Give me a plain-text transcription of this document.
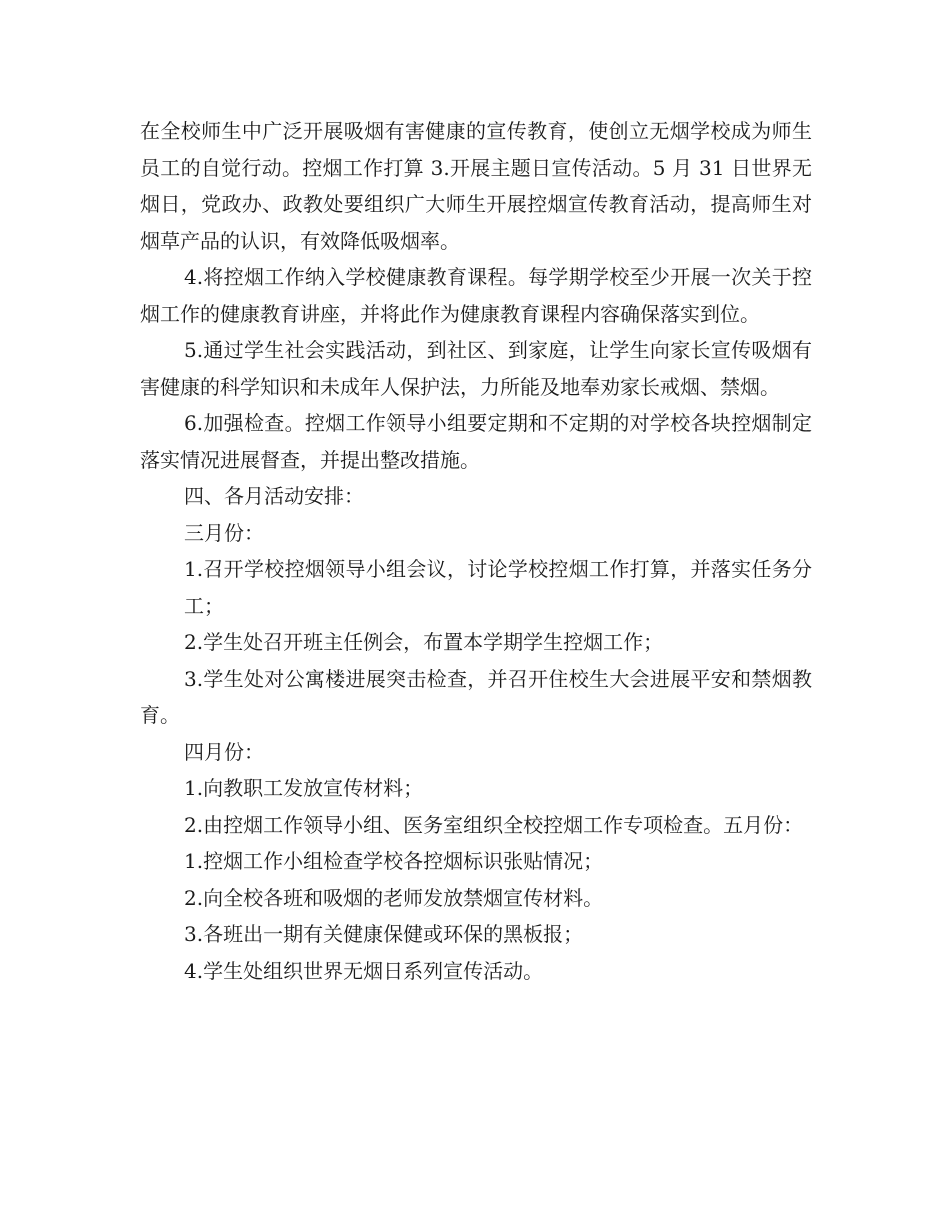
在全校师生中广泛开展吸烟有害健康的宣传教育，使创立无烟学校成为师生员工的自觉行动。控烟工作打算 3.开展主题日宣传活动。5 月 31 日世界无烟日，党政办、政教处要组织广大师生开展控烟宣传教育活动，提高师生对烟草产品的认识，有效降低吸烟率。

4.将控烟工作纳入学校健康教育课程。每学期学校至少开展一次关于控烟工作的健康教育讲座，并将此作为健康教育课程内容确保落实到位。

5.通过学生社会实践活动，到社区、到家庭，让学生向家长宣传吸烟有害健康的科学知识和未成年人保护法，力所能及地奉劝家长戒烟、禁烟。

6.加强检查。控烟工作领导小组要定期和不定期的对学校各块控烟制定落实情况进展督查，并提出整改措施。

四、各月活动安排：

三月份：

1.召开学校控烟领导小组会议，讨论学校控烟工作打算，并落实任务分工；

2.学生处召开班主任例会，布置本学期学生控烟工作；

3.学生处对公寓楼进展突击检查，并召开住校生大会进展平安和禁烟教育。

四月份：

1.向教职工发放宣传材料；

2.由控烟工作领导小组、医务室组织全校控烟工作专项检查。五月份：

1.控烟工作小组检查学校各控烟标识张贴情况；

2.向全校各班和吸烟的老师发放禁烟宣传材料。

3.各班出一期有关健康保健或环保的黑板报；

4.学生处组织世界无烟日系列宣传活动。
